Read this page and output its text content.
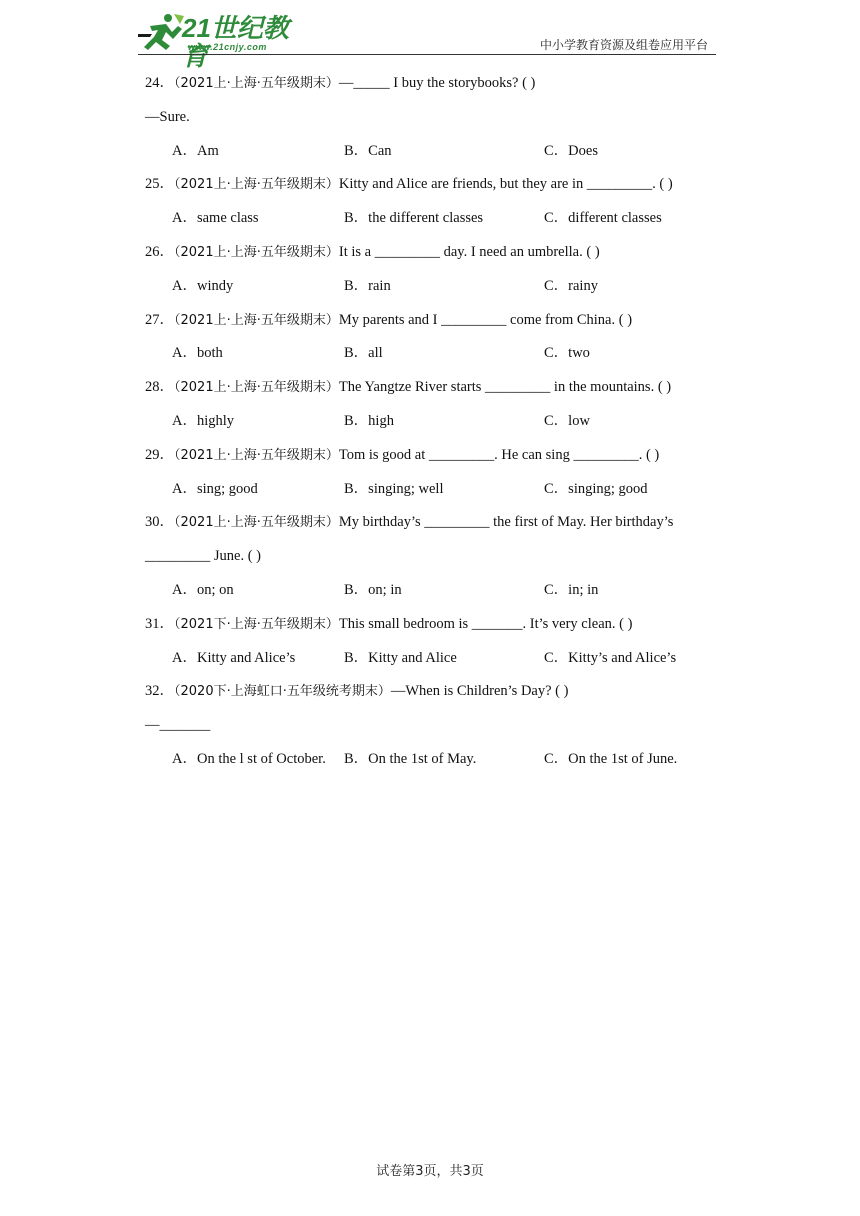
21世纪教育
www.21cnjy.com	中小学教育资源及组卷应用平台
24．（2021上·上海·五年级期末）—_____ I buy the storybooks? ( )
—Sure.
A．Am	B．Can	C．Does
25．（2021上·上海·五年级期末）Kitty and Alice are friends, but they are in _________. ( )
A．same class	B．the different classes	C．different classes
26．（2021上·上海·五年级期末）It is a _________ day. I need an umbrella. ( )
A．windy	B．rain	C．rainy
27．（2021上·上海·五年级期末）My parents and I _________ come from China. ( )
A．both	B．all	C．two
28．（2021上·上海·五年级期末）The Yangtze River starts _________ in the mountains. ( )
A．highly	B．high	C．low
29．（2021上·上海·五年级期末）Tom is good at _________. He can sing _________. ( )
A．sing; good	B．singing; well	C．singing; good
30．（2021上·上海·五年级期末）My birthday’s _________ the first of May. Her birthday’s
_________ June. ( )
A．on; on	B．on; in	C．in; in
31．（2021下·上海·五年级期末）This small bedroom is _______. It’s very clean. ( )
A．Kitty and Alice’s	B．Kitty and Alice	C．Kitty’s and Alice’s
32．（2020下·上海虹口·五年级统考期末）—When is Children’s Day? ( )
—_______
A．On the l st of October. B．On the 1st of May.	C．On the 1st of June.
试卷第3页，共3页
